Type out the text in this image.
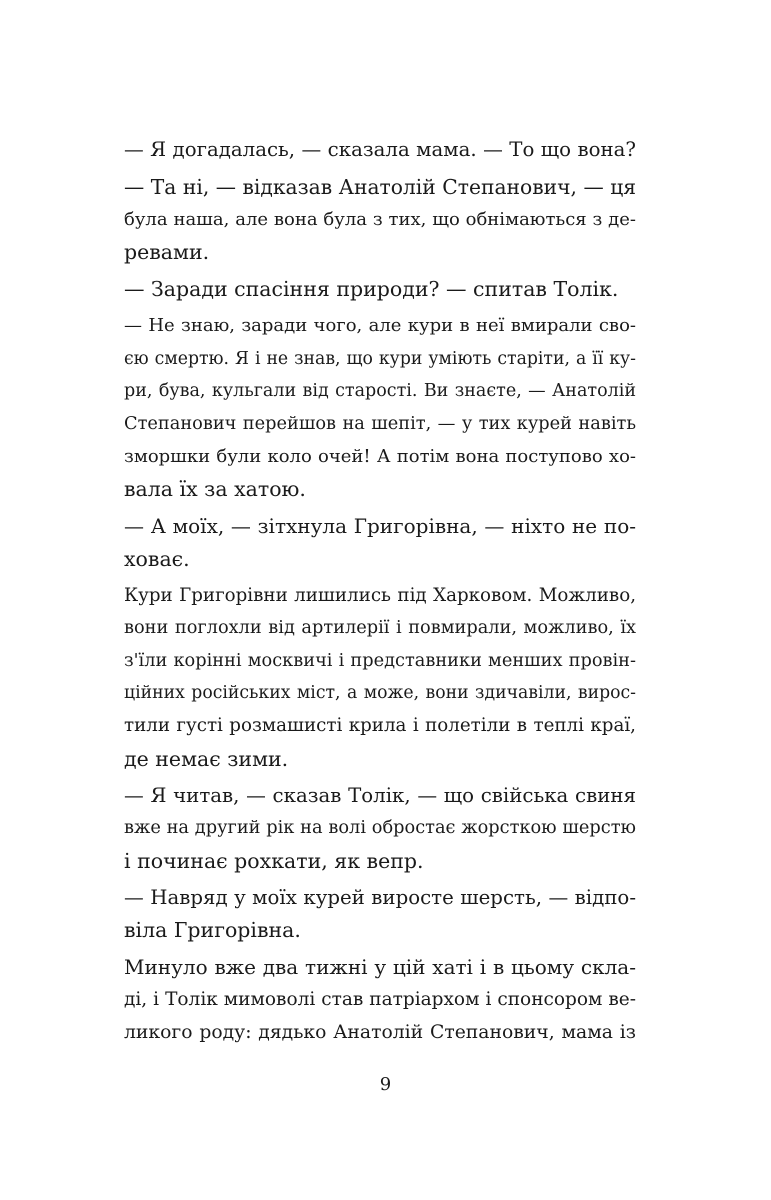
— Я догадалась, — сказала мама. — То що вона?
— Та ні, — відказав Анатолій Степанович, — ця
була наша, але вона була з тих, що обнімаються з де-
ревами.
— Заради спасіння природи? — спитав Толік.
— Не знаю, заради чого, але кури в неї вмирали сво-
єю смертю. Я і не знав, що кури уміють старіти, а її ку-
ри, бува, кульгали від старості. Ви знаєте, — Анатолій
Степанович перейшов на шепіт, — у тих курей навіть
зморшки були коло очей! А потім вона поступово хо-
вала їх за хатою.
— А моїх, — зітхнула Григорівна, — ніхто не по-
ховає.
Кури Григорівни лишились під Харковом. Можливо,
вони поглохли від артилерії і повмирали, можливо, їх
з'їли корінні москвичі і представники менших провін-
ційних російських міст, а може, вони здичавіли, вирос-
тили густі розмашисті крила і полетіли в теплі краї,
де немає зими.
— Я читав, — сказав Толік, — що свійська свиня
вже на другий рік на волі обростає жорсткою шерстю
і починає рохкати, як вепр.
— Навряд у моїх курей виросте шерсть, — відпо-
віла Григорівна.
Минуло вже два тижні у цій хаті і в цьому скла-
ді, і Толік мимоволі став патріархом і спонсором ве-
ликого роду: дядько Анатолій Степанович, мама із
9
